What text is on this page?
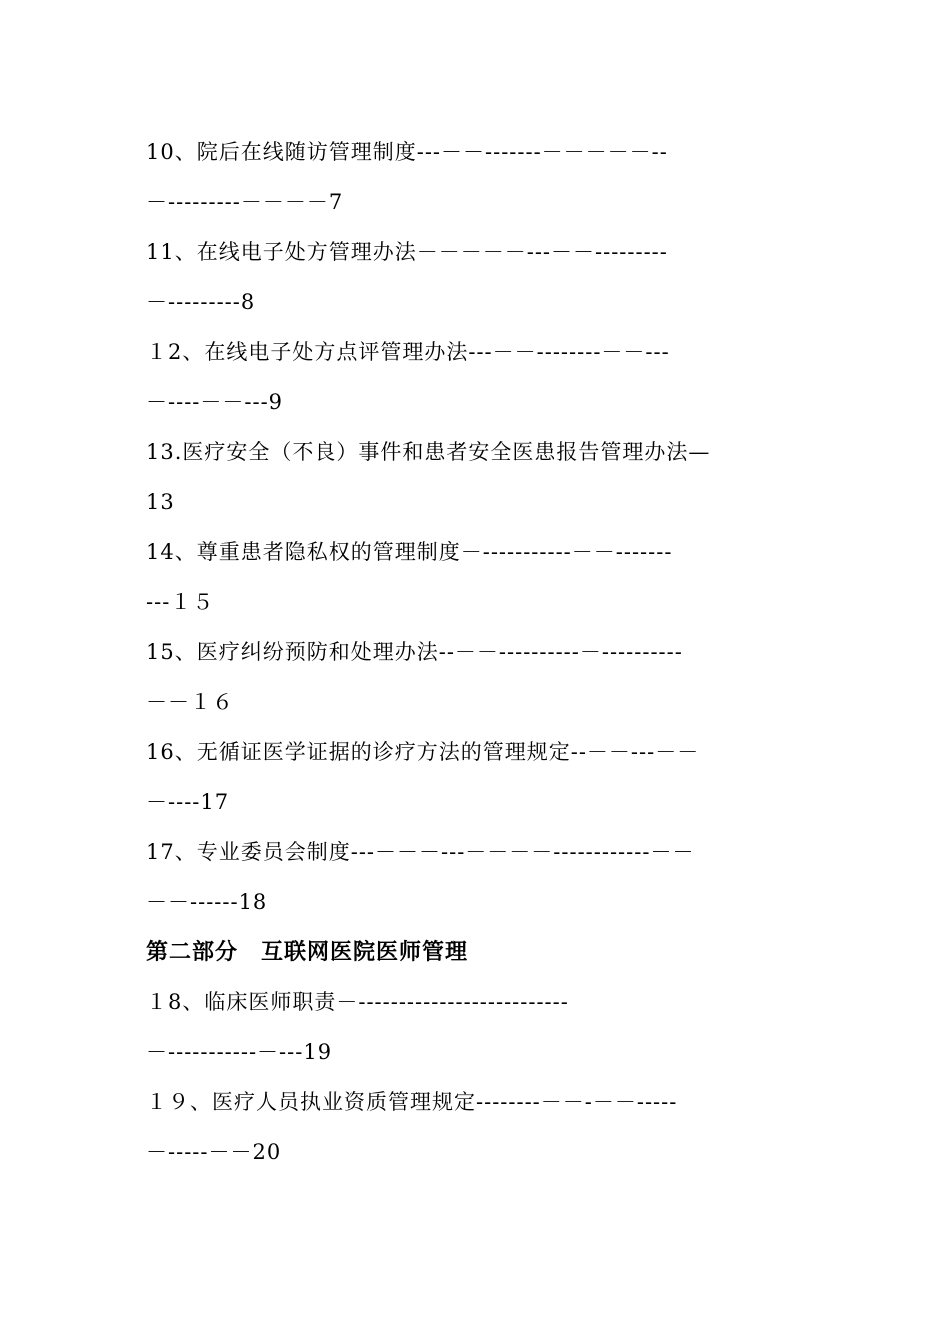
10、院后在线随访管理制度---－－-------－－－－－--
－---------－－－－7
11、在线电子处方管理办法－－－－－---－－---------
－---------8
１2、在线电子处方点评管理办法---－－--------－－---
－----－－---9
13.医疗安全（不良）事件和患者安全医患报告管理办法—
13
14、尊重患者隐私权的管理制度－-----------－－-------
---１５
15、医疗纠纷预防和处理办法--－－----------－----------
－－１６
16、无循证医学证据的诊疗方法的管理规定--－－---－－
－----17
17、专业委员会制度---－－－---－－－－------------－－
－－------18
第二部分　互联网医院医师管理
１8、临床医师职责－--------------------------
－-----------－---19
１９、医疗人员执业资质管理规定--------－－-－－-----
－-----－－20
